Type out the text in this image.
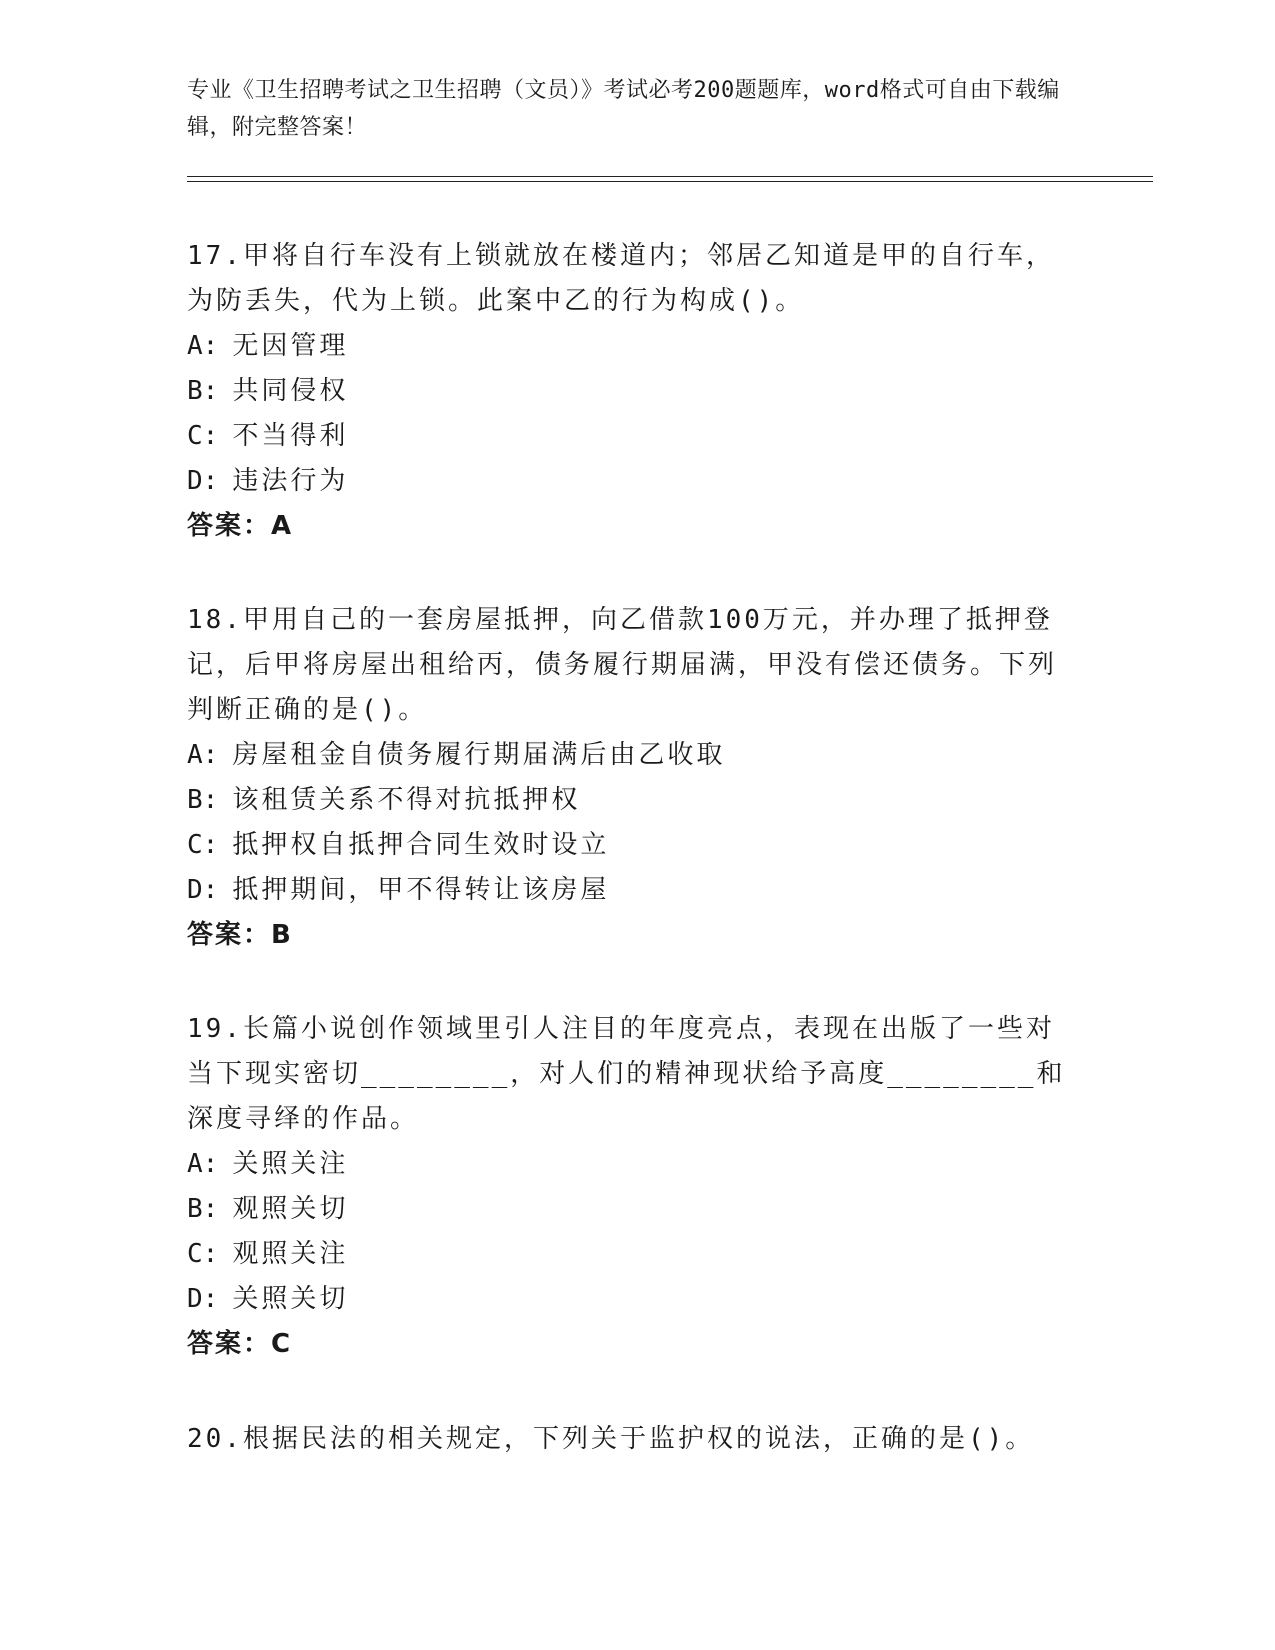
专业《卫生招聘考试之卫生招聘（文员）》考试必考200题题库，word格式可自由下载编辑，附完整答案！

17.甲将自行车没有上锁就放在楼道内；邻居乙知道是甲的自行车，为防丢失，代为上锁。此案中乙的行为构成()。

A: 无因管理

B: 共同侵权

C: 不当得利

D: 违法行为

答案：A

18.甲用自己的一套房屋抵押，向乙借款100万元，并办理了抵押登记，后甲将房屋出租给丙，债务履行期届满，甲没有偿还债务。下列判断正确的是()。

A: 房屋租金自债务履行期届满后由乙收取

B: 该租赁关系不得对抗抵押权

C: 抵押权自抵押合同生效时设立

D: 抵押期间，甲不得转让该房屋

答案：B

19.长篇小说创作领域里引人注目的年度亮点，表现在出版了一些对当下现实密切________，对人们的精神现状给予高度________和深度寻绎的作品。

A: 关照关注

B: 观照关切

C: 观照关注

D: 关照关切

答案：C

20.根据民法的相关规定，下列关于监护权的说法，正确的是()。
